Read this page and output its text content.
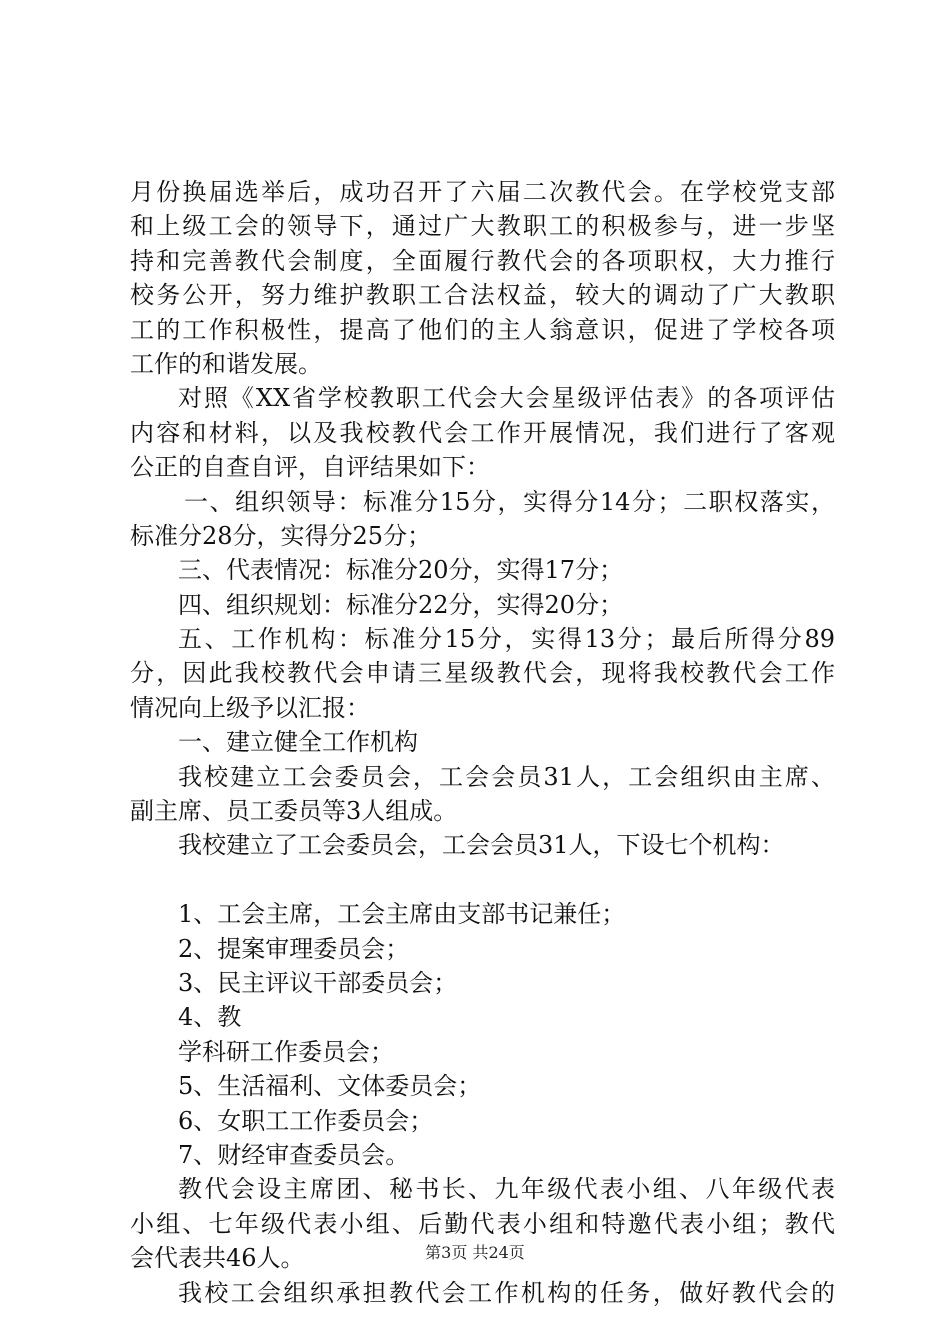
月份换届选举后，成功召开了六届二次教代会。在学校党支部
和上级工会的领导下，通过广大教职工的积极参与，进一步坚
持和完善教代会制度，全面履行教代会的各项职权，大力推行
校务公开，努力维护教职工合法权益，较大的调动了广大教职
工的工作积极性，提高了他们的主人翁意识，促进了学校各项
工作的和谐发展。
对照《XX省学校教职工代会大会星级评估表》的各项评估
内容和材料，以及我校教代会工作开展情况，我们进行了客观
公正的自查自评，自评结果如下：
一、组织领导：标准分15分，实得分14分；二职权落实，
标准分28分，实得分25分；
三、代表情况：标准分20分，实得17分；
四、组织规划：标准分22分，实得20分；
五、工作机构：标准分15分，实得13分；最后所得分89
分，因此我校教代会申请三星级教代会，现将我校教代会工作
情况向上级予以汇报：
一、建立健全工作机构
我校建立工会委员会，工会会员31人，工会组织由主席、
副主席、员工委员等3人组成。
我校建立了工会委员会，工会会员31人，下设七个机构：
1、工会主席，工会主席由支部书记兼任；
2、提案审理委员会；
3、民主评议干部委员会；
4、教
学科研工作委员会；
5、生活福利、文体委员会；
6、女职工工作委员会；
7、财经审查委员会。
教代会设主席团、秘书长、九年级代表小组、八年级代表
小组、七年级代表小组、后勤代表小组和特邀代表小组；教代
会代表共46人。
我校工会组织承担教代会工作机构的任务，做好教代会的
第3页 共24页
